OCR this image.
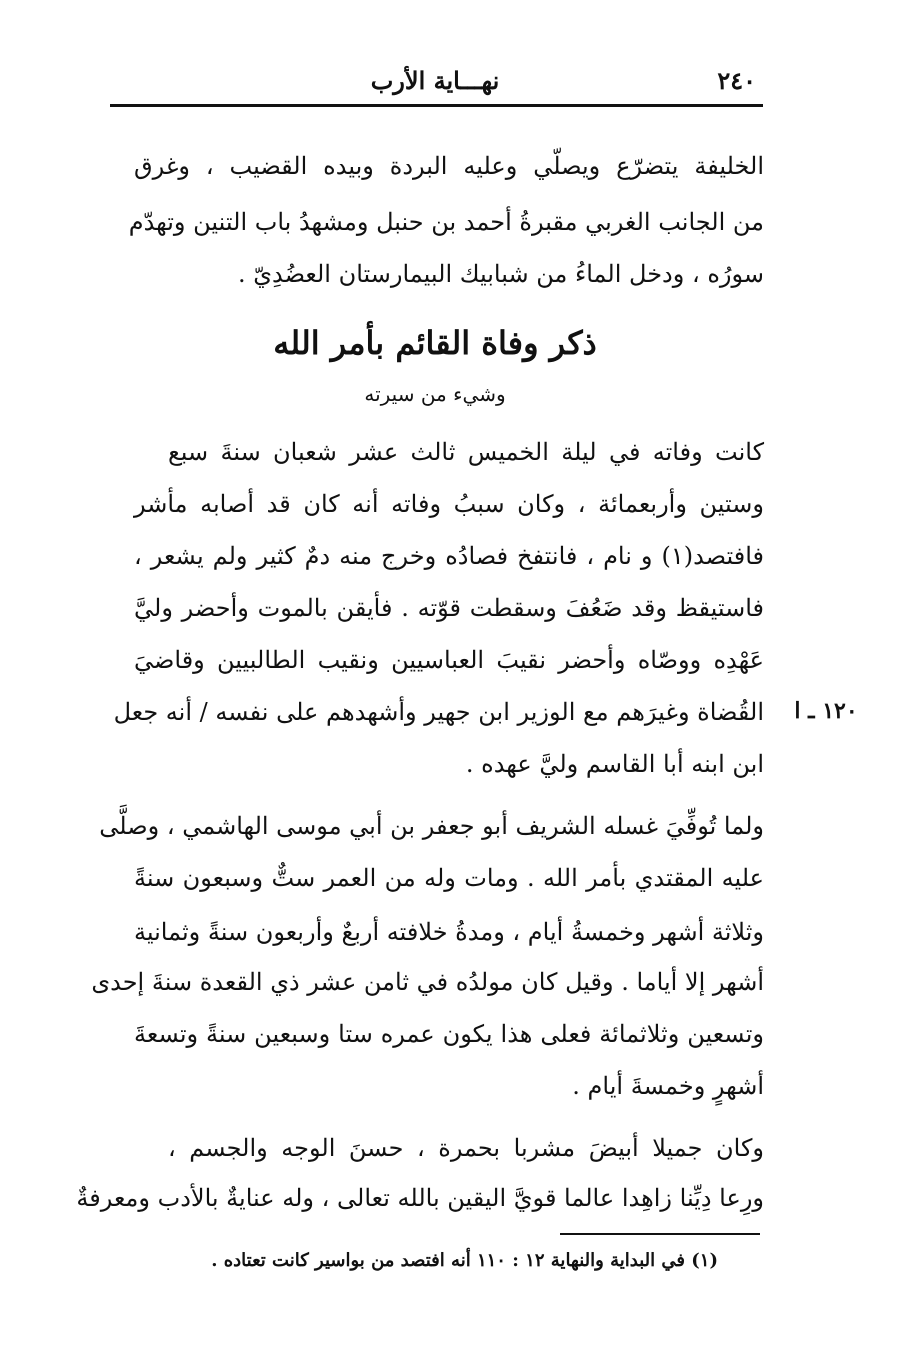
٢٤٠
نهـــاية الأرب
الخليفة يتضرّع ويصلّي وعليه البردة وبيده القضيب ، وغرق
من الجانب الغربي مقبرةُ أحمد بن حنبل ومشهدُ باب التنين وتهدّم
سورُه ، ودخل الماءُ من شبابيك البيمارستان العضُدِيّ .
ذكر وفاة القائم بأمر الله
وشيء من سيرته
كانت وفاته في ليلة الخميس ثالث عشر شعبان سنةَ سبع
وستين وأربعمائة ، وكان سببُ وفاته أنه كان قد أصابه مأشر
فافتصد(١) و نام ، فانتفخ فصادُه وخرج منه دمٌ كثير ولم يشعر ،
فاستيقظ وقد ضَعُفَ وسقطت قوّته . فأيقن بالموت وأحضر وليَّ
عَهْدِه ووصّاه وأحضر نقيبَ العباسيين ونقيب الطالبيين وقاضيَ
القُضاة وغيرَهم مع الوزير ابن جهير وأشهدهم على نفسه / أنه جعل
ابن ابنه أبا القاسم وليَّ عهده .
١٢٠ ـ ا
ولما تُوفِّيَ غسله الشريف أبو جعفر بن أبي موسى الهاشمي ، وصلَّى
عليه المقتدي بأمر الله . ومات وله من العمر ستٌّ وسبعون سنةً
وثلاثة أشهر وخمسةُ أيام ، ومدةُ خلافته أربعٌ وأربعون سنةً وثمانية
أشهر إلا أياما . وقيل كان مولدُه في ثامن عشر ذي القعدة سنةَ إحدى
وتسعين وثلاثمائة فعلى هذا يكون عمره ستا وسبعين سنةً وتسعةَ
أشهرٍ وخمسةَ أيام .
وكان جميلا أبيضَ مشربا بحمرة ، حسنَ الوجه والجسم ،
ورِعا دِيِّنا زاهِدا عالما قويَّ اليقين بالله تعالى ، وله عنايةٌ بالأدب ومعرفةٌ
(١) في البداية والنهاية ١٢ : ١١٠ أنه افتصد من بواسير كانت تعتاده .
